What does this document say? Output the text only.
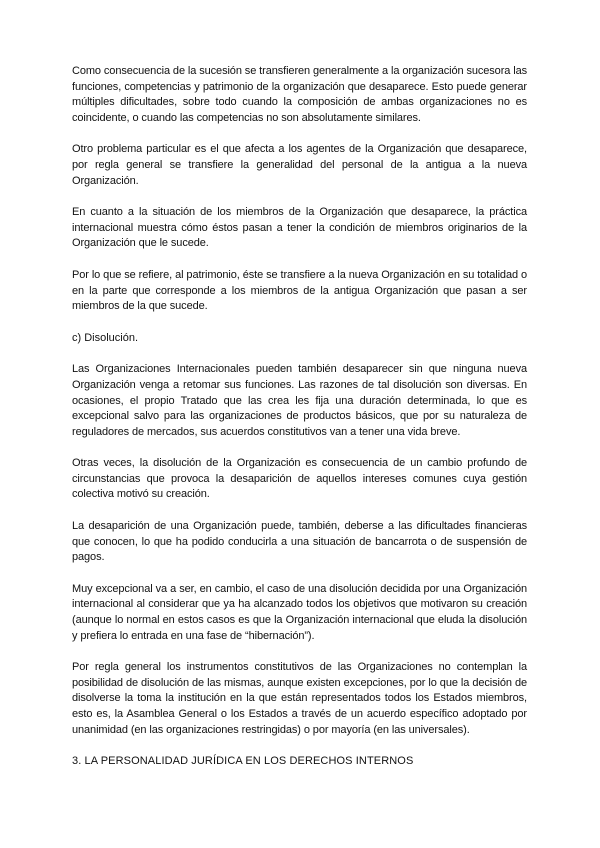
Como consecuencia de la sucesión se transfieren generalmente a la organización sucesora las funciones, competencias y patrimonio de la organización que desaparece. Esto puede generar múltiples dificultades, sobre todo cuando la composición de ambas organizaciones no es coincidente, o cuando las competencias no son absolutamente similares.

Otro problema particular es el que afecta a los agentes de la Organización que desaparece, por regla general se transfiere la generalidad del personal de la antigua a la nueva Organización.

En cuanto a la situación de los miembros de la Organización que desaparece, la práctica internacional muestra cómo éstos pasan a tener la condición de miembros originarios de la Organización que le sucede.

Por lo que se refiere, al patrimonio, éste se transfiere a la nueva Organización en su totalidad o en la parte que corresponde a los miembros de la antigua Organización que pasan a ser miembros de la que sucede.

c) Disolución.

Las Organizaciones Internacionales pueden también desaparecer sin que ninguna nueva Organización venga a retomar sus funciones. Las razones de tal disolución son diversas. En ocasiones, el propio Tratado que las crea les fija una duración determinada, lo que es excepcional salvo para las organizaciones de productos básicos, que por su naturaleza de reguladores de mercados, sus acuerdos constitutivos van a tener una vida breve.

Otras veces, la disolución de la Organización es consecuencia de un cambio profundo de circunstancias que provoca la desaparición de aquellos intereses comunes cuya gestión colectiva motivó su creación.

La desaparición de una Organización puede, también, deberse a las dificultades financieras que conocen, lo que ha podido conducirla a una situación de bancarrota o de suspensión de pagos.

Muy excepcional va a ser, en cambio, el caso de una disolución decidida por una Organización internacional al considerar que ya ha alcanzado todos los objetivos que motivaron su creación (aunque lo normal en estos casos es que la Organización internacional que eluda la disolución y prefiera lo entrada en una fase de “hibernación”).

Por regla general los instrumentos constitutivos de las Organizaciones no contemplan la posibilidad de disolución de las mismas, aunque existen excepciones, por lo que la decisión de disolverse la toma la institución en la que están representados todos los Estados miembros, esto es, la Asamblea General o los Estados a través de un acuerdo específico adoptado por unanimidad (en las organizaciones restringidas) o por mayoría (en las universales).

3. LA PERSONALIDAD JURÍDICA EN LOS DERECHOS INTERNOS
